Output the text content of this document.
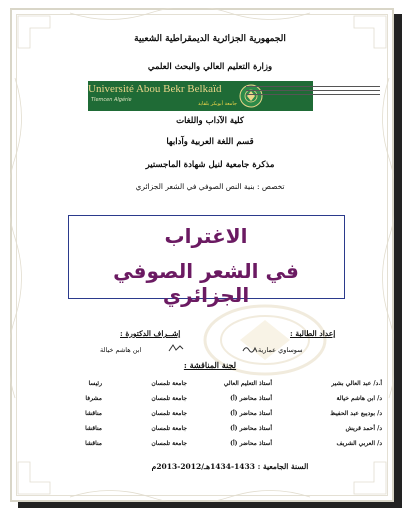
الجمهورية الجزائرية الديمقراطية الشعبية
وزارة التعليم العالي والبحث العلمي
Université Abou Bekr Belkaïd
Tlemcen Algérie
جامعة أبوبكر بلقايد
كلية الآداب واللغات
قسم اللغة العربية وآدابها
مذكرة جامعية لنيل شهادة الماجستير
تخصص : بنية النص الصوفي في الشعر الجزائري
الاغتراب
في الشعر الصوفي الجزائري
إعداد الطالبة :
إشــراف الدكتورة :
سوساوي عمارية
ابن هاشم خيالة
لجنة المناقشة :
أ.د/ عبد العالي بشير
أستاذ التعليم العالي
جامعة تلمسان
رئيسا
د/ ابن هاشم خيالة
أستاذ محاضر (أ)
جامعة تلمسان
مشرفا
د/ بوديبع عبد الحفيظ
أستاذ محاضر (أ)
جامعة تلمسان
مناقشا
د/ أحمد قريش
أستاذ محاضر (أ)
جامعة تلمسان
مناقشا
د/ العربي الشريف
أستاذ محاضر (أ)
جامعة تلمسان
مناقشا
السنة الجامعية : 1433-1434هـ/2012-2013م
